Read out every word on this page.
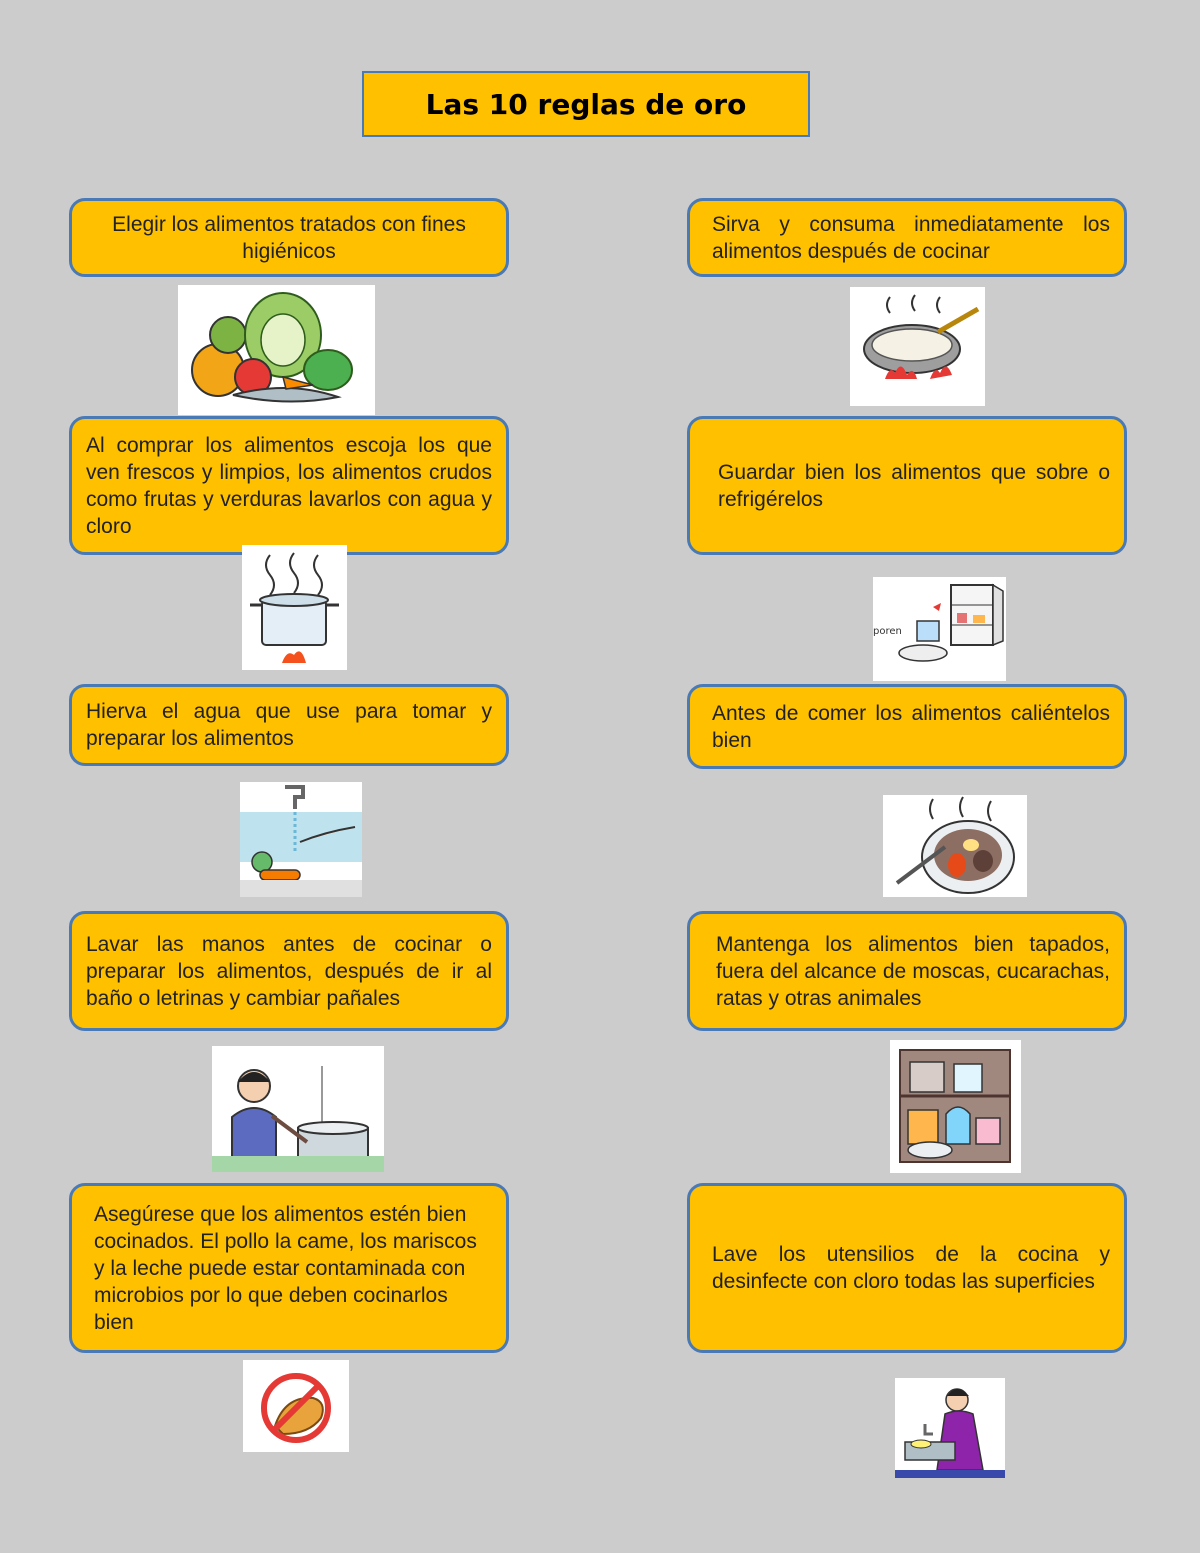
Las 10 reglas de oro
Elegir los alimentos tratados con fines higiénicos
Al comprar los alimentos escoja los que ven frescos y limpios, los alimentos crudos como frutas y verduras lavarlos con agua y cloro
Hierva el agua que use para tomar y preparar los alimentos
Lavar las manos antes de cocinar o preparar los alimentos, después de ir al baño o letrinas y cambiar pañales
Asegúrese que los alimentos estén bien cocinados. El pollo la came, los mariscos y la leche puede estar contaminada con microbios por lo que deben cocinarlos bien
Sirva y consuma inmediatamente los alimentos después de cocinar
Guardar bien los alimentos que sobre o refrigérelos
poren
Antes de comer los alimentos caliéntelos bien
Mantenga los alimentos bien tapados, fuera del alcance de moscas, cucarachas, ratas y otras animales
Lave los utensilios de la cocina y desinfecte con cloro todas las superficies
